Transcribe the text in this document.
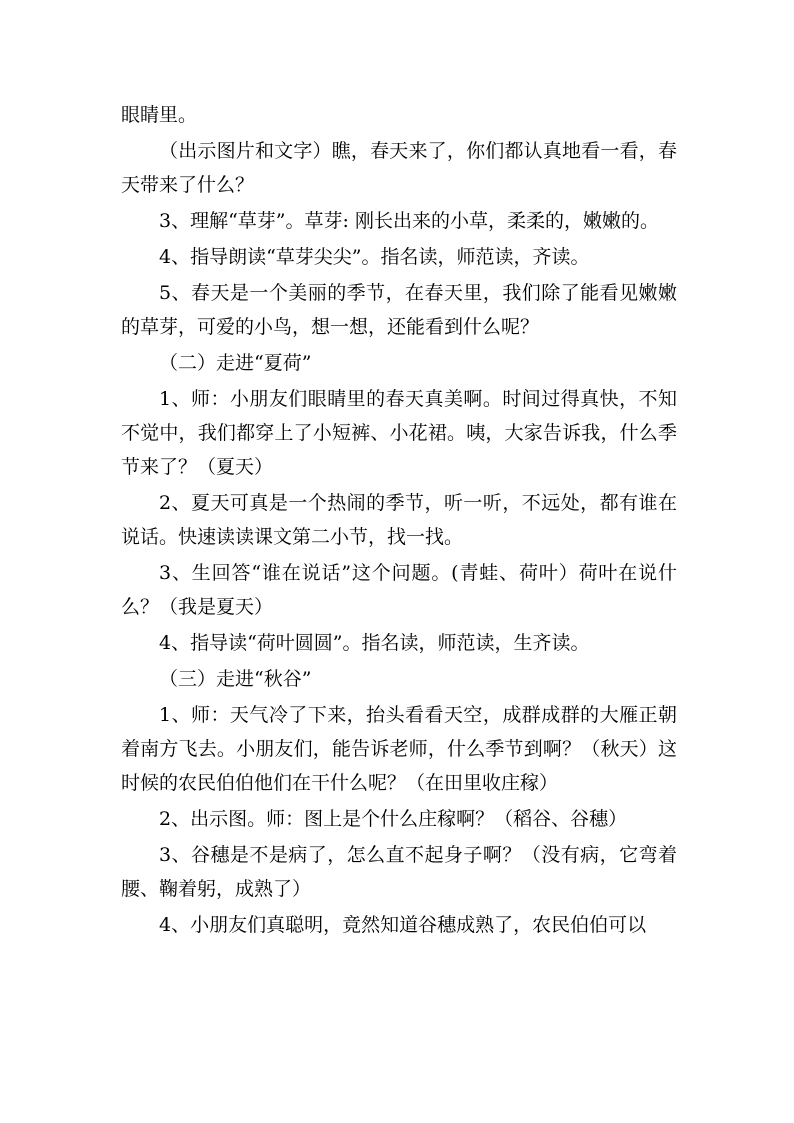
眼睛里。

（出示图片和文字）瞧，春天来了，你们都认真地看一看，春天带来了什么？

3、理解“草芽”。草芽: 刚长出来的小草，柔柔的，嫩嫩的。

4、指导朗读“草芽尖尖”。指名读，师范读，齐读。

5、春天是一个美丽的季节，在春天里，我们除了能看见嫩嫩的草芽，可爱的小鸟，想一想，还能看到什么呢？

（二）走进“夏荷”

1、师：小朋友们眼睛里的春天真美啊。时间过得真快，不知不觉中，我们都穿上了小短裤、小花裙。咦，大家告诉我，什么季节来了？（夏天）

2、夏天可真是一个热闹的季节，听一听，不远处，都有谁在说话。快速读读课文第二小节，找一找。

3、生回答“谁在说话”这个问题。(青蛙、荷叶）荷叶在说什么？（我是夏天）

4、指导读“荷叶圆圆”。指名读，师范读，生齐读。

（三）走进“秋谷”

1、师：天气冷了下来，抬头看看天空，成群成群的大雁正朝着南方飞去。小朋友们，能告诉老师，什么季节到啊？（秋天）这时候的农民伯伯他们在干什么呢？（在田里收庄稼）

2、出示图。师：图上是个什么庄稼啊？（稻谷、谷穗）

3、谷穗是不是病了，怎么直不起身子啊？（没有病，它弯着腰、鞠着躬，成熟了）

4、小朋友们真聪明，竟然知道谷穗成熟了，农民伯伯可以
